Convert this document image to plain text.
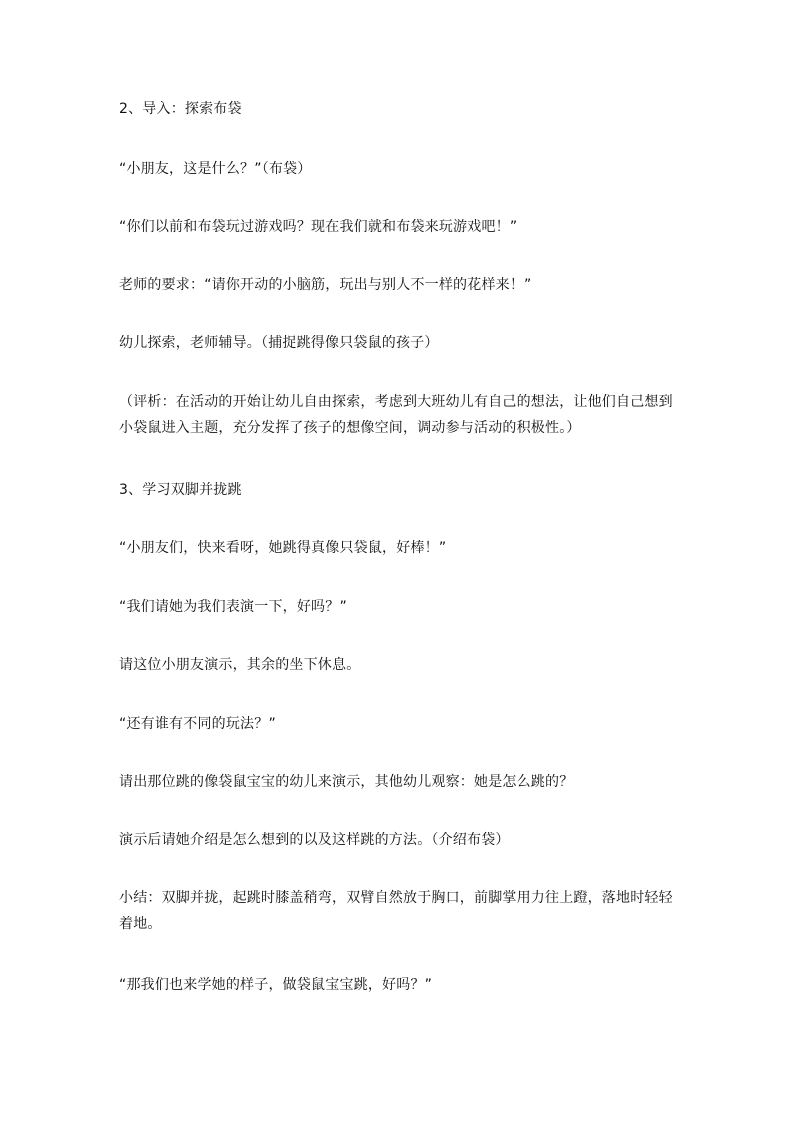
2、导入：探索布袋
“小朋友，这是什么？”（布袋）
“你们以前和布袋玩过游戏吗？现在我们就和布袋来玩游戏吧！”
老师的要求：“请你开动的小脑筋，玩出与别人不一样的花样来！”
幼儿探索，老师辅导。（捕捉跳得像只袋鼠的孩子）
（评析：在活动的开始让幼儿自由探索，考虑到大班幼儿有自己的想法，让他们自己想到小袋鼠进入主题，充分发挥了孩子的想像空间，调动参与活动的积极性。）
3、学习双脚并拢跳
“小朋友们，快来看呀，她跳得真像只袋鼠，好棒！”
“我们请她为我们表演一下，好吗？”
请这位小朋友演示，其余的坐下休息。
“还有谁有不同的玩法？”
请出那位跳的像袋鼠宝宝的幼儿来演示，其他幼儿观察：她是怎么跳的？
演示后请她介绍是怎么想到的以及这样跳的方法。（介绍布袋）
小结：双脚并拢，起跳时膝盖稍弯，双臂自然放于胸口，前脚掌用力往上蹬，落地时轻轻着地。
“那我们也来学她的样子，做袋鼠宝宝跳，好吗？”
